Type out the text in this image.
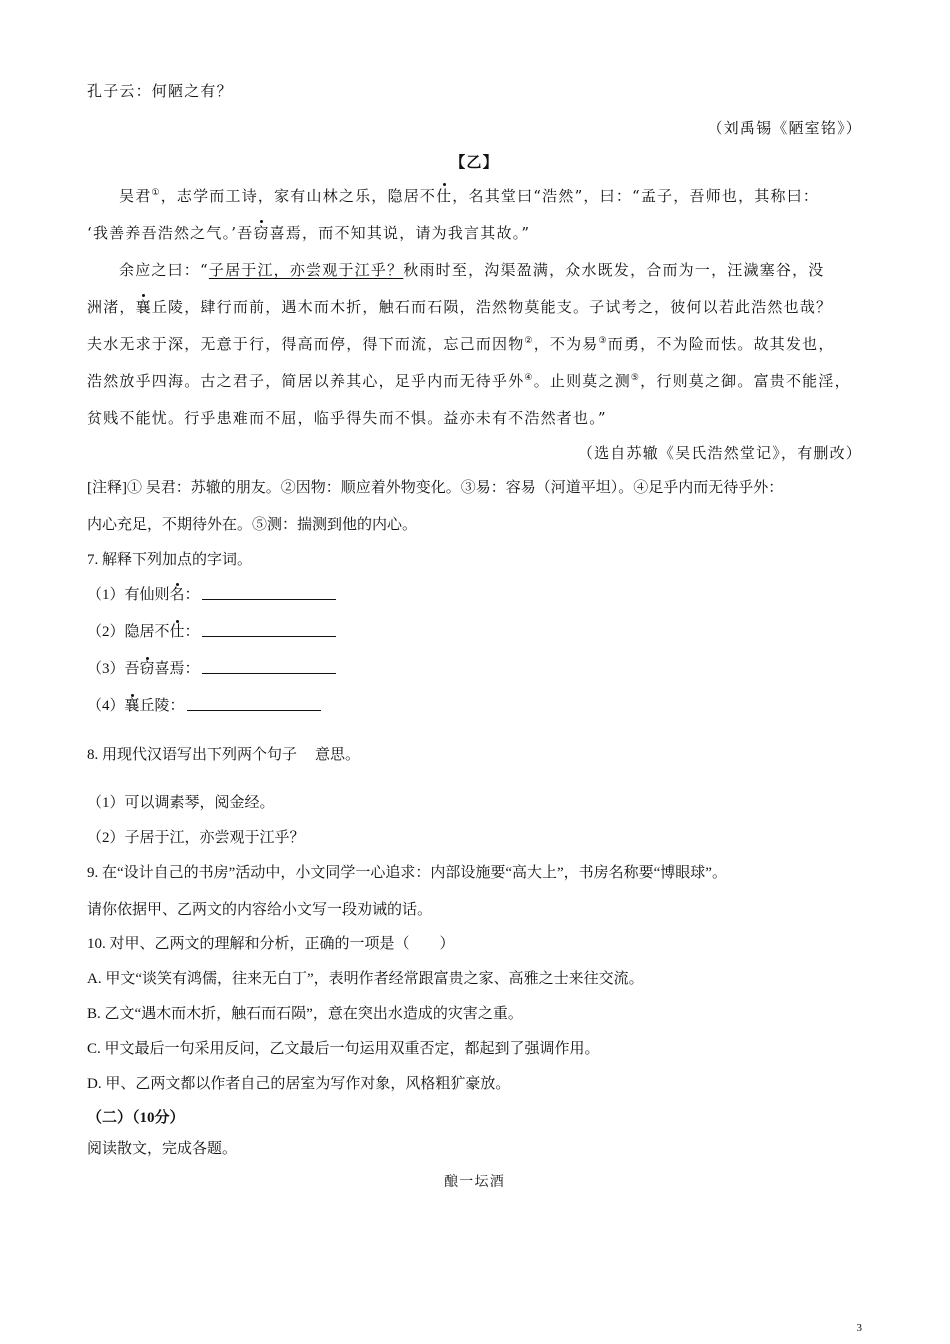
孔子云：何陋之有？
（刘禹锡《陋室铭》）
【乙】
吴君①，志学而工诗，家有山林之乐，隐居不仕，名其堂曰“浩然”，曰：“孟子，吾师也，其称曰：
‘我善养吾浩然之气。’吾窃喜焉，而不知其说，请为我言其故。”
余应之曰：“子居于江，亦尝观于江乎？秋雨时至，沟渠盈满，众水既发，合而为一，汪濊塞谷，没
洲渚，襄丘陵，肆行而前，遇木而木折，触石而石陨，浩然物莫能支。子试考之，彼何以若此浩然也哉？
夫水无求于深，无意于行，得高而停，得下而流，忘己而因物②，不为易③而勇，不为险而怯。故其发也，
浩然放乎四海。古之君子，简居以养其心，足乎内而无待乎外④。止则莫之测⑤，行则莫之御。富贵不能淫，
贫贱不能忧。行乎患难而不屈，临乎得失而不惧。益亦未有不浩然者也。”
（选自苏辙《吴氏浩然堂记》，有删改）
[注释]① 吴君：苏辙的朋友。②因物：顺应着外物变化。③易：容易（河道平坦）。④足乎内而无待乎外：
内心充足，不期待外在。⑤测：揣测到他的内心。
7. 解释下列加点的字词。
（1）有仙则名：
（2）隐居不仕：
（3）吾窃喜焉：
（4）襄丘陵：
8. 用现代汉语写出下列两个句子 意思。
（1）可以调素琴，阅金经。
（2）子居于江，亦尝观于江乎？
9. 在“设计自己的书房”活动中，小文同学一心追求：内部设施要“高大上”，书房名称要“博眼球”。
请你依据甲、乙两文的内容给小文写一段劝诫的话。
10. 对甲、乙两文的理解和分析，正确的一项是（　　）
A. 甲文“谈笑有鸿儒，往来无白丁”，表明作者经常跟富贵之家、高雅之士来往交流。
B. 乙文“遇木而木折，触石而石陨”，意在突出水造成的灾害之重。
C. 甲文最后一句采用反问，乙文最后一句运用双重否定，都起到了强调作用。
D. 甲、乙两文都以作者自己的居室为写作对象，风格粗犷豪放。
（二）（10分）
阅读散文，完成各题。
酿一坛酒
3
